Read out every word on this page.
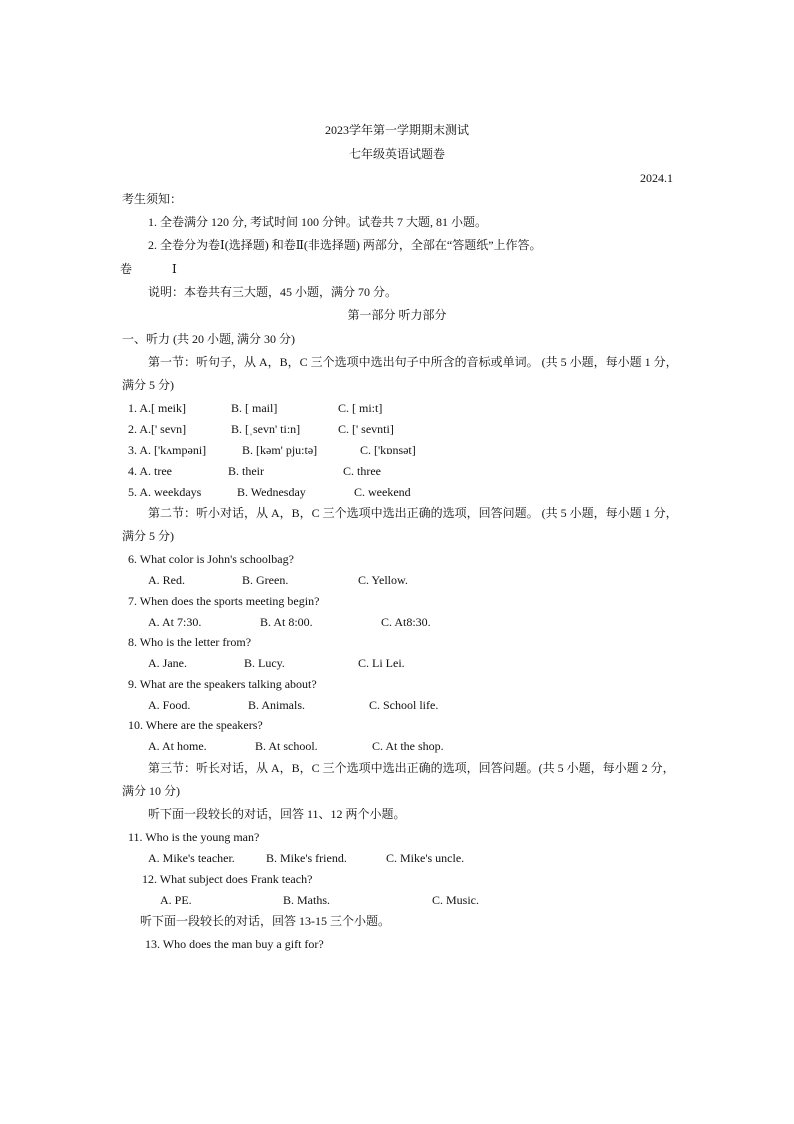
2023学年第一学期期末测试
七年级英语试题卷
2024.1
考生须知：
1. 全卷满分 120 分, 考试时间 100 分钟。试卷共 7 大题, 81 小题。
2. 全卷分为卷Ⅰ(选择题) 和卷Ⅱ(非选择题) 两部分，全部在“答题纸”上作答。
卷	Ⅰ
说明：本卷共有三大题，45 小题，满分 70 分。
第一部分 听力部分
一、听力 (共 20 小题, 满分 30 分)
第一节：听句子，从 A，B，C 三个选项中选出句子中所含的音标或单词。 (共 5 小题，每小题 1 分，
满分 5 分)
1. A.[ meik]	B. [ mail]	C. [ mi:t]
2. A.[' sevn]	B. [ˌsevn' ti:n]	C. [' sevnti]
3. A. ['kʌmpəni]	B. [kəm' pju:tə]	C. ['kɒnsət]
4. A. tree	B. their	C. three
5. A. weekdays	B. Wednesday	C. weekend
第二节：听小对话，从 A，B，C 三个选项中选出正确的选项，回答问题。 (共 5 小题，每小题 1 分，
满分 5 分)
6. What color is John's schoolbag?
A. Red.	B. Green.	C. Yellow.
7. When does the sports meeting begin?
A. At 7:30.	B. At 8:00.	C. At8:30.
8. Who is the letter from?
A. Jane.	B. Lucy.	C. Li Lei.
9. What are the speakers talking about?
A. Food.	B. Animals.	C. School life.
10. Where are the speakers?
A. At home.	B. At school.	C. At the shop.
第三节：听长对话，从 A，B，C 三个选项中选出正确的选项，回答问题。(共 5 小题，每小题 2 分，
满分 10 分)
听下面一段较长的对话，回答 11、12 两个小题。
11. Who is the young man?
A. Mike's teacher.	B. Mike's friend.	C. Mike's uncle.
12. What subject does Frank teach?
A. PE.	B. Maths.	C. Music.
听下面一段较长的对话，回答 13-15 三个小题。
13. Who does the man buy a gift for?
